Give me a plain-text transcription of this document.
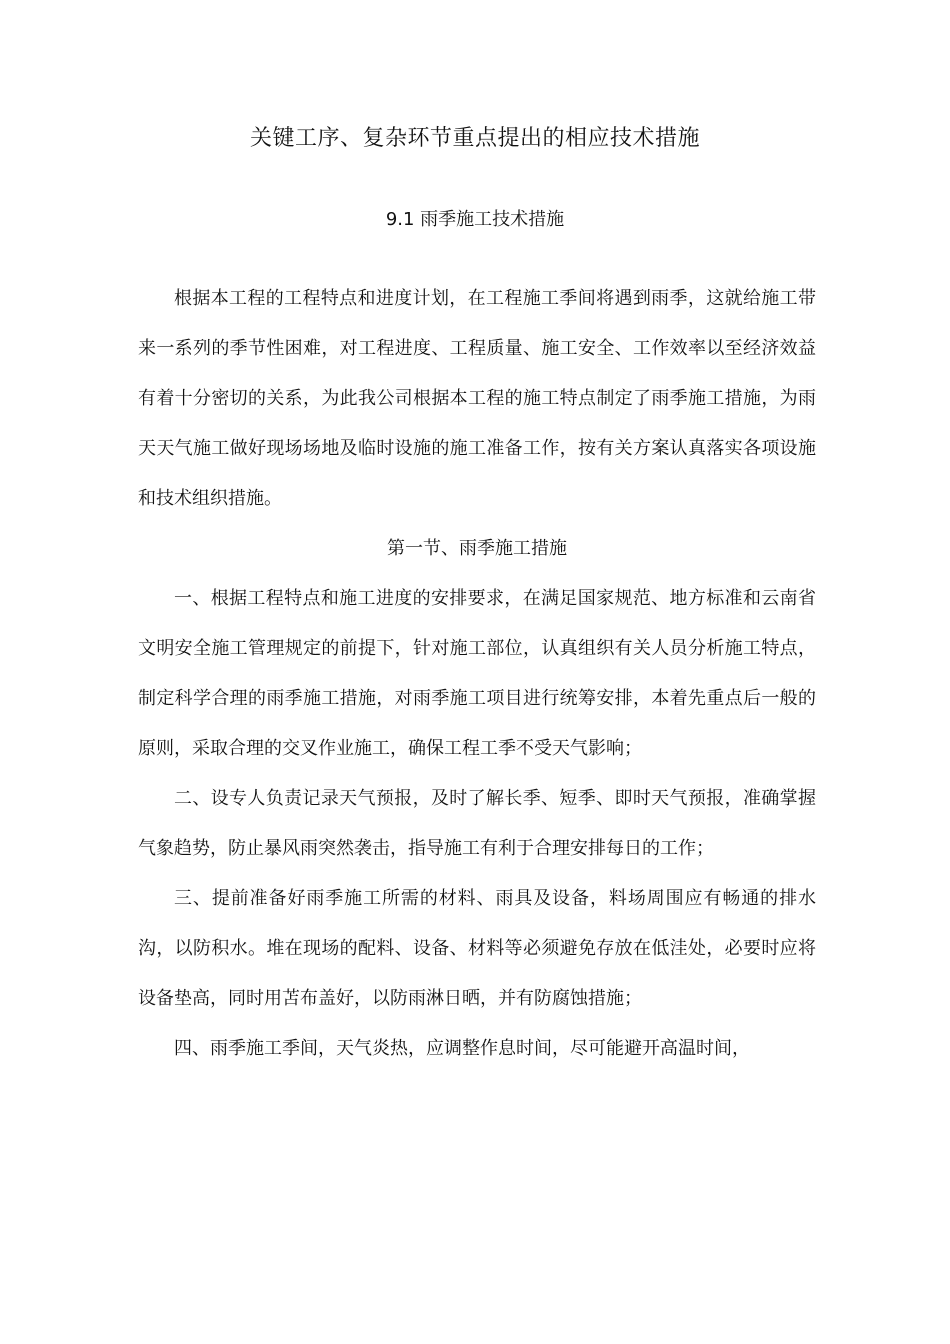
关键工序、复杂环节重点提出的相应技术措施

9.1 雨季施工技术措施

根据本工程的工程特点和进度计划，在工程施工季间将遇到雨季，这就给施工带来一系列的季节性困难，对工程进度、工程质量、施工安全、工作效率以至经济效益有着十分密切的关系，为此我公司根据本工程的施工特点制定了雨季施工措施，为雨天天气施工做好现场场地及临时设施的施工准备工作，按有关方案认真落实各项设施和技术组织措施。

第一节、雨季施工措施

一、根据工程特点和施工进度的安排要求，在满足国家规范、地方标准和云南省文明安全施工管理规定的前提下，针对施工部位，认真组织有关人员分析施工特点，制定科学合理的雨季施工措施，对雨季施工项目进行统筹安排，本着先重点后一般的原则，采取合理的交叉作业施工，确保工程工季不受天气影响；

二、设专人负责记录天气预报，及时了解长季、短季、即时天气预报，准确掌握气象趋势，防止暴风雨突然袭击，指导施工有利于合理安排每日的工作；

三、提前准备好雨季施工所需的材料、雨具及设备，料场周围应有畅通的排水沟，以防积水。堆在现场的配料、设备、材料等必须避免存放在低洼处，必要时应将设备垫高，同时用苫布盖好，以防雨淋日晒，并有防腐蚀措施；

四、雨季施工季间，天气炎热，应调整作息时间，尽可能避开高温时间，
